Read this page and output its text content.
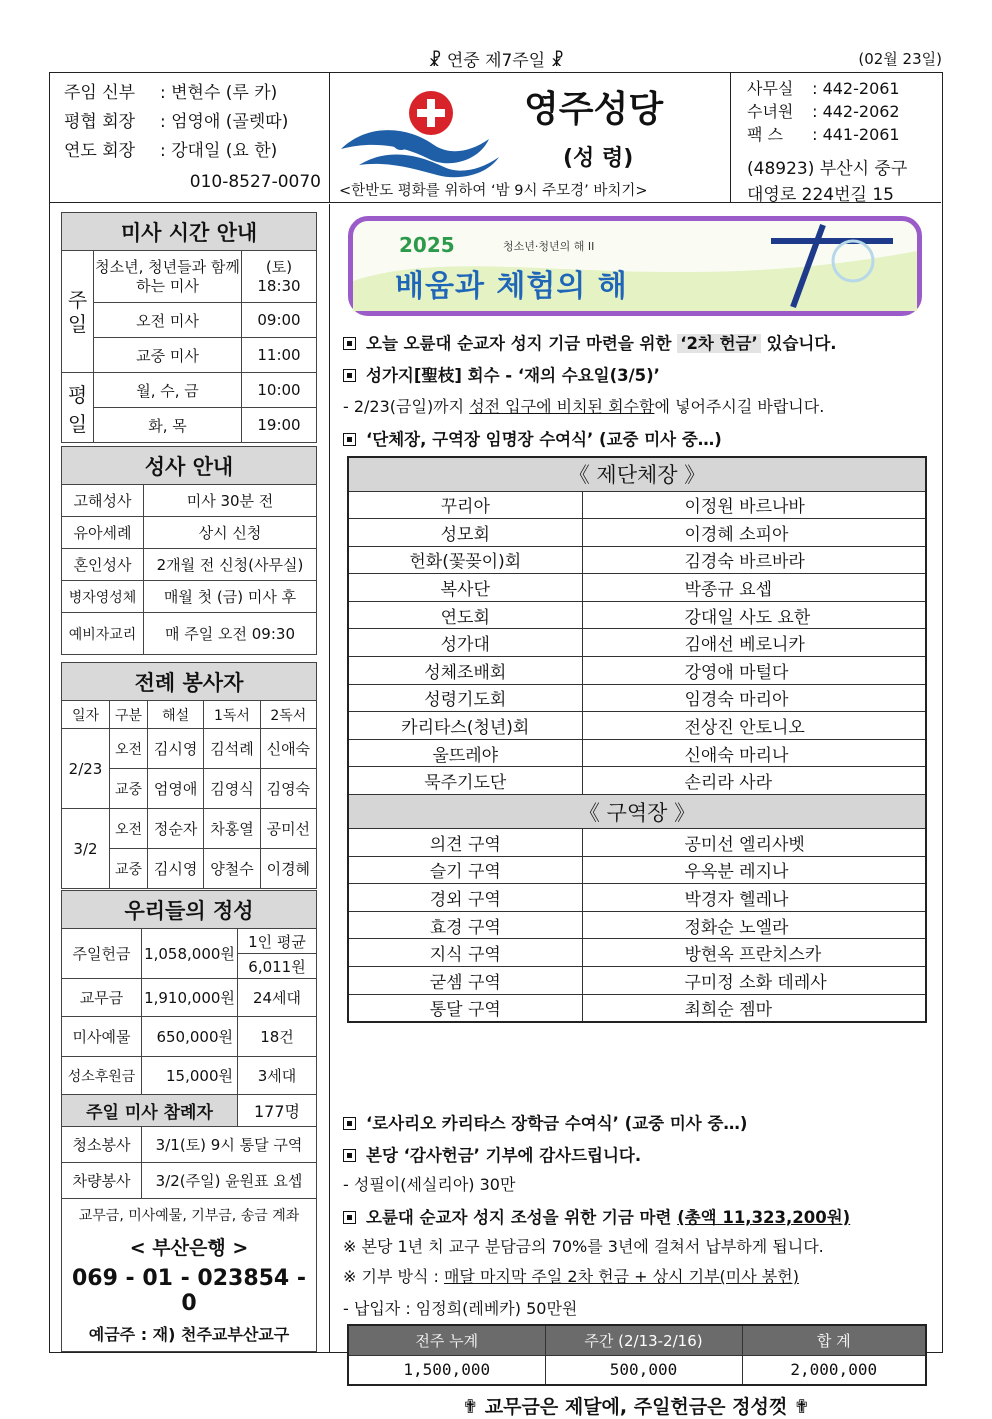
☧ 연중 제7주일 ☧	(02월 23일)
주임 신부	: 변현수 (루 카)
평협 회장	: 엄영애 (골렛따)
연도 회장	: 강대일 (요 한)
010-8527-0070
영주성당
(성 령)
<한반도 평화를 위하여 ‘밤 9시 주모경’ 바치기>
사무실 : 442-2061
수녀원 : 442-2062
팩 스 : 441-2061
(48923) 부산시 중구
대영로 224번길 15
미사 시간 안내		
주일	청소년, 청년들과 함께 하는 미사	(토) 18:30
	오전 미사	09:00
	교중 미사	11:00
평일	월, 수, 금	10:00
	화, 목	19:00
성사 안내	
고해성사	미사 30분 전
유아세례	상시 신청
혼인성사	2개월 전 신청(사무실)
병자영성체	매월 첫 (금) 미사 후
예비자교리	매 주일 오전 09:30
전례 봉사자				
일자	구분	해설	1독서	2독서
2/23	오전	김시영	김석례	신애숙
	교중	엄영애	김영식	김영숙
3/2	오전	정순자	차홍열	공미선
	교중	김시영	양철수	이경혜
우리들의 정성		
주일헌금	1,058,000원	1인 평균
		6,011원
교무금	1,910,000원	24세대
미사예물	650,000원	18건
성소후원금	15,000원	3세대
주일 미사 참례자		177명
청소봉사	3/1(토) 9시 통달 구역	
차량봉사	3/2(주일) 윤원표 요셉	

교무금, 미사예물, 기부금, 송금 계좌
< 부산은행 >
069 - 01 - 023854 - 0
예금주 : 재) 천주교부산교구		
2025	청소년·청년의 해 II
배움과 체험의 해
오늘 오륜대 순교자 성지 기금 마련을 위한 ‘2차 헌금’ 있습니다.
성가지[聖枝] 회수 - ‘재의 수요일(3/5)’
- 2/23(금일)까지 성전 입구에 비치된 회수함에 넣어주시길 바랍니다.
‘단체장, 구역장 임명장 수여식’ (교중 미사 중…)
《 제단체장 》	
꾸리아	이정원 바르나바
성모회	이경혜 소피아
헌화(꽃꽂이)회	김경숙 바르바라
복사단	박종규 요셉
연도회	강대일 사도 요한
성가대	김애선 베로니카
성체조배회	강영애 마털다
성령기도회	임경숙 마리아
카리타스(청년)회	전상진 안토니오
울뜨레야	신애숙 마리나
묵주기도단	손리라 사라
《 구역장 》	
의견 구역	공미선 엘리사벳
슬기 구역	우옥분 레지나
경외 구역	박경자 헬레나
효경 구역	정화순 노엘라
지식 구역	방현옥 프란치스카
굳셈 구역	구미정 소화 데레사
통달 구역	최희순 젬마
‘로사리오 카리타스 장학금 수여식’ (교중 미사 중…)
본당 ‘감사헌금’ 기부에 감사드립니다.
- 성필이(세실리아) 30만
오륜대 순교자 성지 조성을 위한 기금 마련 (총액 11,323,200원)
※ 본당 1년 치 교구 분담금의 70%를 3년에 걸쳐서 납부하게 됩니다.
※ 기부 방식 : 매달 마지막 주일 2차 헌금 + 상시 기부(미사 봉헌)
- 납입자 : 임정희(레베카) 50만원
전주 누계	주간 (2/13-2/16)	합 계
1,500,000	500,000	2,000,000
✟ 교무금은 제달에, 주일헌금은 정성껏 ✟
